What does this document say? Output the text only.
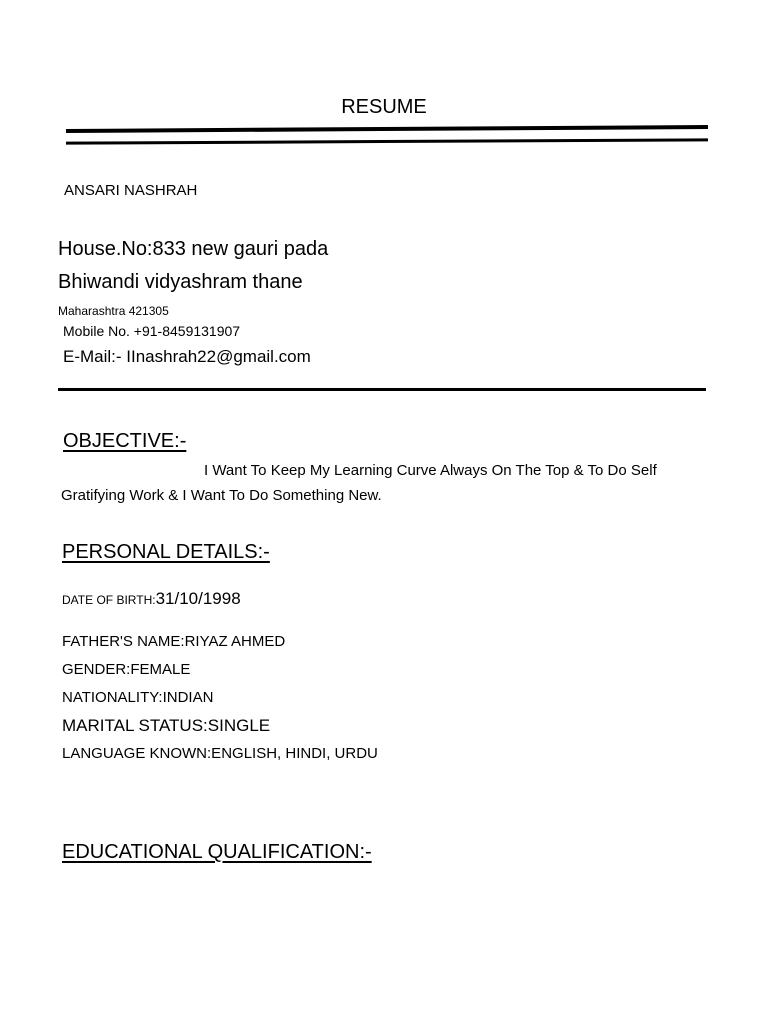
RESUME
ANSARI NASHRAH
House.No:833 new gauri pada
Bhiwandi vidyashram thane
Maharashtra 421305
Mobile No. +91-8459131907
E-Mail:- IInashrah22@gmail.com
OBJECTIVE:-
I Want To Keep My Learning Curve Always On The Top & To Do Self
Gratifying Work & I Want To Do Something New.
PERSONAL DETAILS:-
DATE OF BIRTH:31/10/1998
FATHER'S NAME:RIYAZ AHMED
GENDER:FEMALE
NATIONALITY:INDIAN
MARITAL STATUS:SINGLE
LANGUAGE KNOWN:ENGLISH, HINDI, URDU
EDUCATIONAL QUALIFICATION:-
